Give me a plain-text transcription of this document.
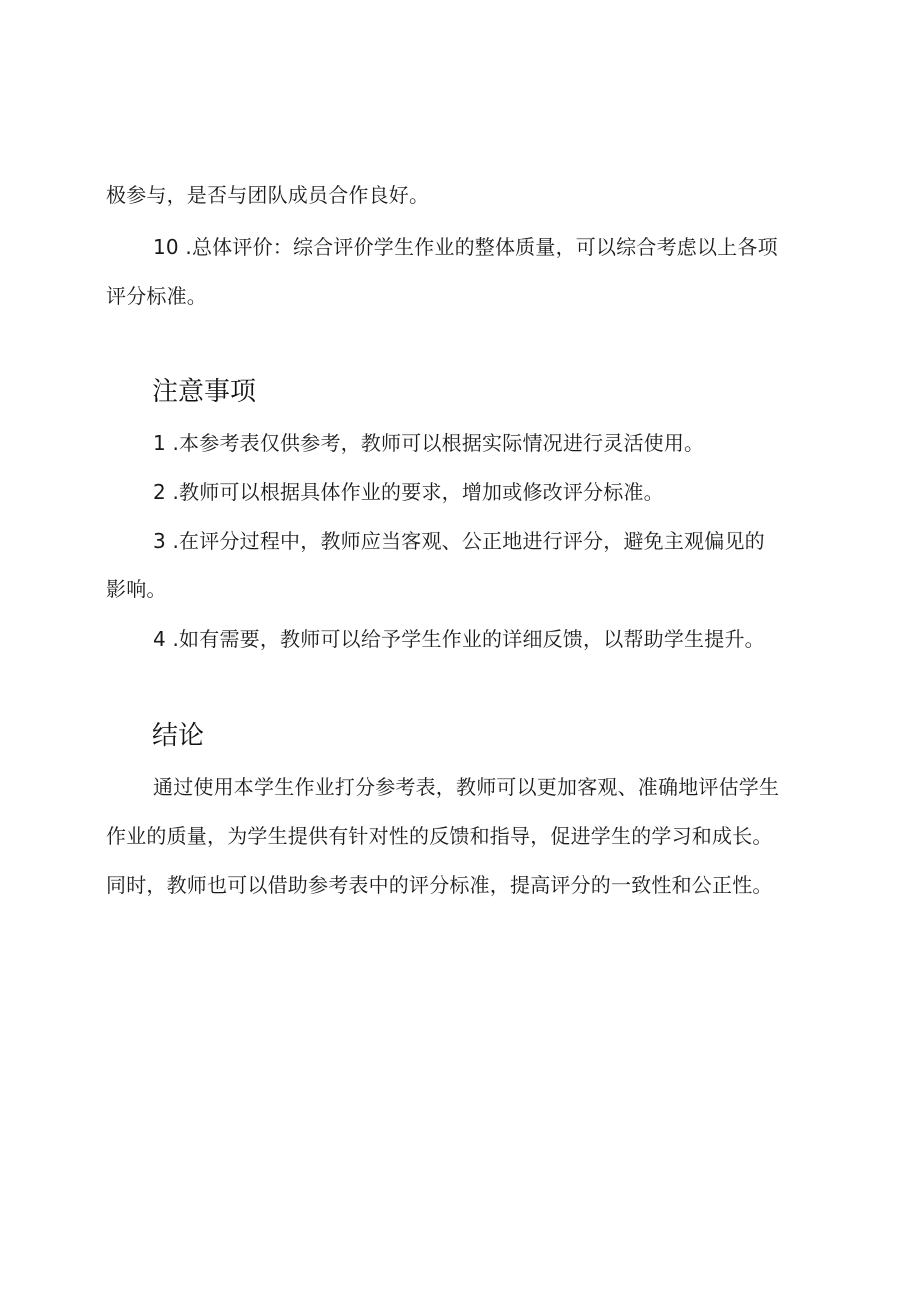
极参与，是否与团队成员合作良好。
10 .总体评价：综合评价学生作业的整体质量，可以综合考虑以上各项
评分标准。
注意事项
1 .本参考表仅供参考，教师可以根据实际情况进行灵活使用。
2 .教师可以根据具体作业的要求，增加或修改评分标准。
3 .在评分过程中，教师应当客观、公正地进行评分，避免主观偏见的
影响。
4 .如有需要，教师可以给予学生作业的详细反馈，以帮助学生提升。
结论
通过使用本学生作业打分参考表，教师可以更加客观、准确地评估学生
作业的质量，为学生提供有针对性的反馈和指导，促进学生的学习和成长。
同时，教师也可以借助参考表中的评分标准，提高评分的一致性和公正性。
